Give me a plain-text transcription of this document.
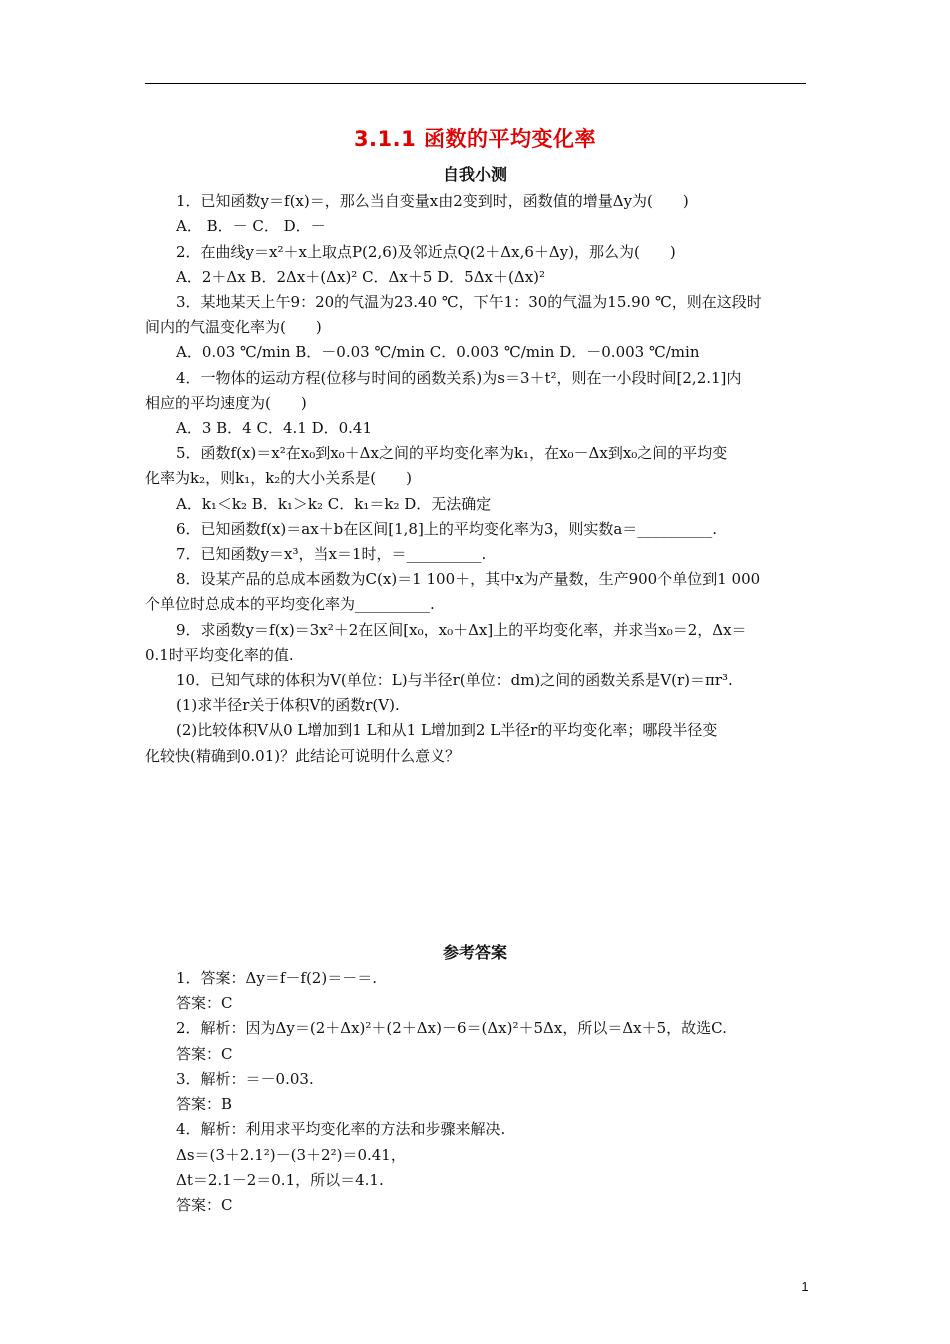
3.1.1 函数的平均变化率
自我小测
1．已知函数y＝f(x)＝，那么当自变量x由2变到时，函数值的增量Δy为(　　)
A． B．－ C． D．－
2．在曲线y＝x²＋x上取点P(2,6)及邻近点Q(2＋Δx,6＋Δy)，那么为(　　)
A．2＋Δx B．2Δx＋(Δx)² C．Δx＋5 D．5Δx＋(Δx)²
3．某地某天上午9：20的气温为23.40 ℃，下午1：30的气温为15.90 ℃，则在这段时
间内的气温变化率为(　　)
A．0.03 ℃/min B．－0.03 ℃/min C．0.003 ℃/min D．－0.003 ℃/min
4．一物体的运动方程(位移与时间的函数关系)为s＝3＋t²，则在一小段时间[2,2.1]内
相应的平均速度为(　　)
A．3 B．4 C．4.1 D．0.41
5．函数f(x)＝x²在x₀到x₀＋Δx之间的平均变化率为k₁，在x₀－Δx到x₀之间的平均变
化率为k₂，则k₁，k₂的大小关系是(　　)
A．k₁＜k₂ B．k₁＞k₂ C．k₁＝k₂ D．无法确定
6．已知函数f(x)＝ax＋b在区间[1,8]上的平均变化率为3，则实数a＝__________.
7．已知函数y＝x³，当x＝1时，＝__________.
8．设某产品的总成本函数为C(x)＝1 100＋，其中x为产量数，生产900个单位到1 000
个单位时总成本的平均变化率为__________.
9．求函数y＝f(x)＝3x²＋2在区间[x₀，x₀＋Δx]上的平均变化率，并求当x₀＝2，Δx＝
0.1时平均变化率的值.
10．已知气球的体积为V(单位：L)与半径r(单位：dm)之间的函数关系是V(r)＝πr³.
(1)求半径r关于体积V的函数r(V).
(2)比较体积V从0 L增加到1 L和从1 L增加到2 L半径r的平均变化率；哪段半径变
化较快(精确到0.01)？此结论可说明什么意义？
参考答案
1．答案：Δy＝f－f(2)＝－＝.
答案：C
2．解析：因为Δy＝(2＋Δx)²＋(2＋Δx)－6＝(Δx)²＋5Δx，所以＝Δx＋5，故选C.
答案：C
3．解析：＝－0.03.
答案：B
4．解析：利用求平均变化率的方法和步骤来解决.
Δs＝(3＋2.1²)－(3＋2²)＝0.41，
Δt＝2.1－2＝0.1，所以＝4.1.
答案：C
1
